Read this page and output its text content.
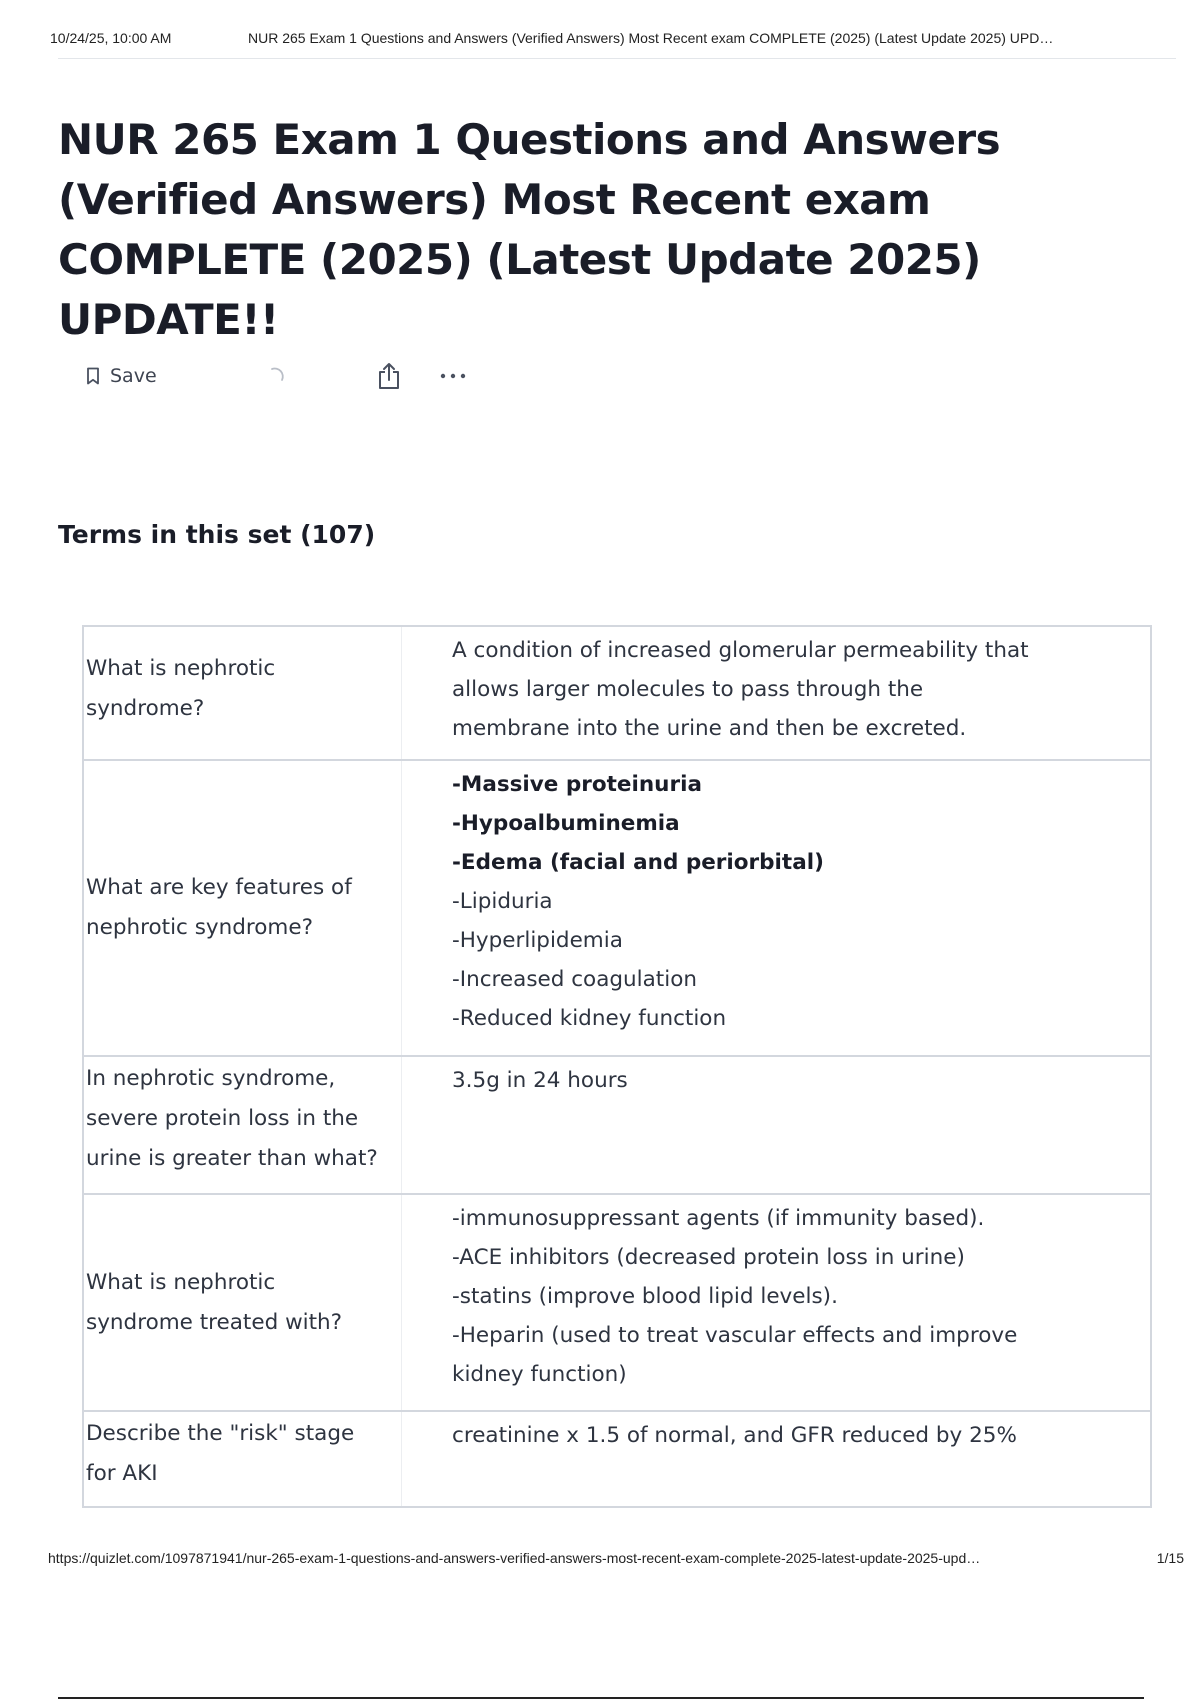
10/24/25, 10:00 AM	NUR 265 Exam 1 Questions and Answers (Verified Answers) Most Recent exam COMPLETE (2025) (Latest Update 2025) UPD…
NUR 265 Exam 1 Questions and Answers (Verified Answers) Most Recent exam COMPLETE (2025) (Latest Update 2025) UPDATE!!
Save
Terms in this set (107)
What is nephrotic
syndrome?
A condition of increased glomerular permeability that
allows larger molecules to pass through the
membrane into the urine and then be excreted.
What are key features of
nephrotic syndrome?
-Massive proteinuria
-Hypoalbuminemia
-Edema (facial and periorbital)
-Lipiduria
-Hyperlipidemia
-Increased coagulation
-Reduced kidney function
In nephrotic syndrome,
severe protein loss in the
urine is greater than what?
3.5g in 24 hours
What is nephrotic
syndrome treated with?
-immunosuppressant agents (if immunity based).
-ACE inhibitors (decreased protein loss in urine)
-statins (improve blood lipid levels).
-Heparin (used to treat vascular effects and improve
kidney function)
Describe the "risk" stage
for AKI
creatinine x 1.5 of normal, and GFR reduced by 25%
https://quizlet.com/1097871941/nur-265-exam-1-questions-and-answers-verified-answers-most-recent-exam-complete-2025-latest-update-2025-upd…	1/15
